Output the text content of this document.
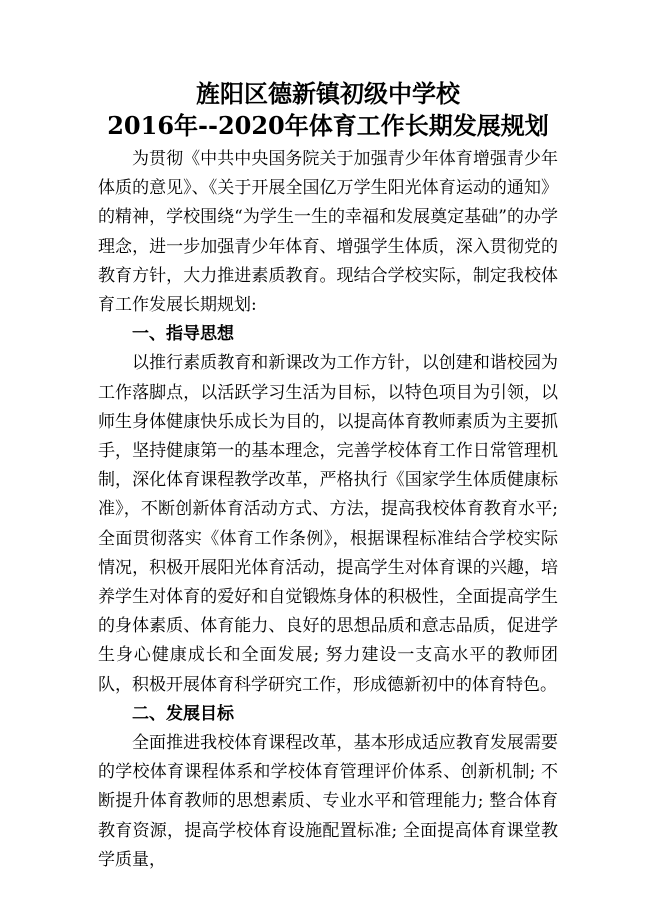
旌阳区德新镇初级中学校
2016年--2020年体育工作长期发展规划

为贯彻《中共中央国务院关于加强青少年体育增强青少年体质的意见》、《关于开展全国亿万学生阳光体育运动的通知》的精神，学校围绕“为学生一生的幸福和发展奠定基础”的办学理念，进一步加强青少年体育、增强学生体质，深入贯彻党的教育方针，大力推进素质教育。现结合学校实际，制定我校体育工作发展长期规划:

一、指导思想

以推行素质教育和新课改为工作方针，以创建和谐校园为工作落脚点，以活跃学习生活为目标，以特色项目为引领，以师生身体健康快乐成长为目的，以提高体育教师素质为主要抓手，坚持健康第一的基本理念，完善学校体育工作日常管理机制，深化体育课程教学改革，严格执行《国家学生体质健康标准》，不断创新体育活动方式、方法，提高我校体育教育水平; 全面贯彻落实《体育工作条例》，根据课程标准结合学校实际情况，积极开展阳光体育活动，提高学生对体育课的兴趣，培养学生对体育的爱好和自觉锻炼身体的积极性，全面提高学生的身体素质、体育能力、良好的思想品质和意志品质，促进学生身心健康成长和全面发展; 努力建设一支高水平的教师团队，积极开展体育科学研究工作，形成德新初中的体育特色。

二、发展目标

全面推进我校体育课程改革，基本形成适应教育发展需要的学校体育课程体系和学校体育管理评价体系、创新机制; 不断提升体育教师的思想素质、专业水平和管理能力; 整合体育教育资源，提高学校体育设施配置标准; 全面提高体育课堂教学质量，
